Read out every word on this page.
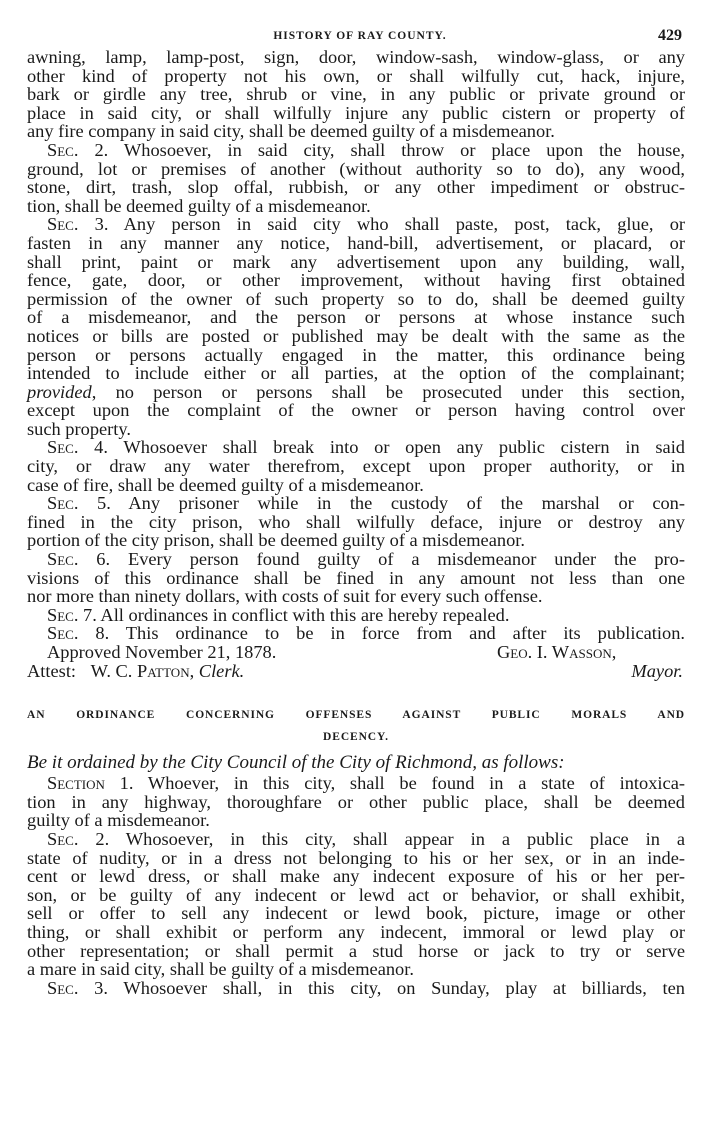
HISTORY OF RAY COUNTY.	429
awning, lamp, lamp-post, sign, door, window-sash, window-glass, or any
other kind of property not his own, or shall wilfully cut, hack, injure,
bark or girdle any tree, shrub or vine, in any public or private ground or
place in said city, or shall wilfully injure any public cistern or property of
any fire company in said city, shall be deemed guilty of a misdemeanor.
Sec. 2. Whosoever, in said city, shall throw or place upon the house,
ground, lot or premises of another (without authority so to do), any wood,
stone, dirt, trash, slop offal, rubbish, or any other impediment or obstruc-
tion, shall be deemed guilty of a misdemeanor.
Sec. 3. Any person in said city who shall paste, post, tack, glue, or
fasten in any manner any notice, hand-bill, advertisement, or placard, or
shall print, paint or mark any advertisement upon any building, wall,
fence, gate, door, or other improvement, without having first obtained
permission of the owner of such property so to do, shall be deemed guilty
of a misdemeanor, and the person or persons at whose instance such
notices or bills are posted or published may be dealt with the same as the
person or persons actually engaged in the matter, this ordinance being
intended to include either or all parties, at the option of the complainant;
provided, no person or persons shall be prosecuted under this section,
except upon the complaint of the owner or person having control over
such property.
Sec. 4. Whosoever shall break into or open any public cistern in said
city, or draw any water therefrom, except upon proper authority, or in
case of fire, shall be deemed guilty of a misdemeanor.
Sec. 5. Any prisoner while in the custody of the marshal or con-
fined in the city prison, who shall wilfully deface, injure or destroy any
portion of the city prison, shall be deemed guilty of a misdemeanor.
Sec. 6. Every person found guilty of a misdemeanor under the pro-
visions of this ordinance shall be fined in any amount not less than one
nor more than ninety dollars, with costs of suit for every such offense.
Sec. 7. All ordinances in conflict with this are hereby repealed.
Sec. 8. This ordinance to be in force from and after its publication.
Approved November 21, 1878.	Geo. I. Wasson,
Attest: W. C. Patton, Clerk.	Mayor.
AN ORDINANCE CONCERNING OFFENSES AGAINST PUBLIC MORALS AND
DECENCY.
Be it ordained by the City Council of the City of Richmond, as follows:
Section 1. Whoever, in this city, shall be found in a state of intoxica-
tion in any highway, thoroughfare or other public place, shall be deemed
guilty of a misdemeanor.
Sec. 2. Whosoever, in this city, shall appear in a public place in a
state of nudity, or in a dress not belonging to his or her sex, or in an inde-
cent or lewd dress, or shall make any indecent exposure of his or her per-
son, or be guilty of any indecent or lewd act or behavior, or shall exhibit,
sell or offer to sell any indecent or lewd book, picture, image or other
thing, or shall exhibit or perform any indecent, immoral or lewd play or
other representation; or shall permit a stud horse or jack to try or serve
a mare in said city, shall be guilty of a misdemeanor.
Sec. 3. Whosoever shall, in this city, on Sunday, play at billiards, ten
